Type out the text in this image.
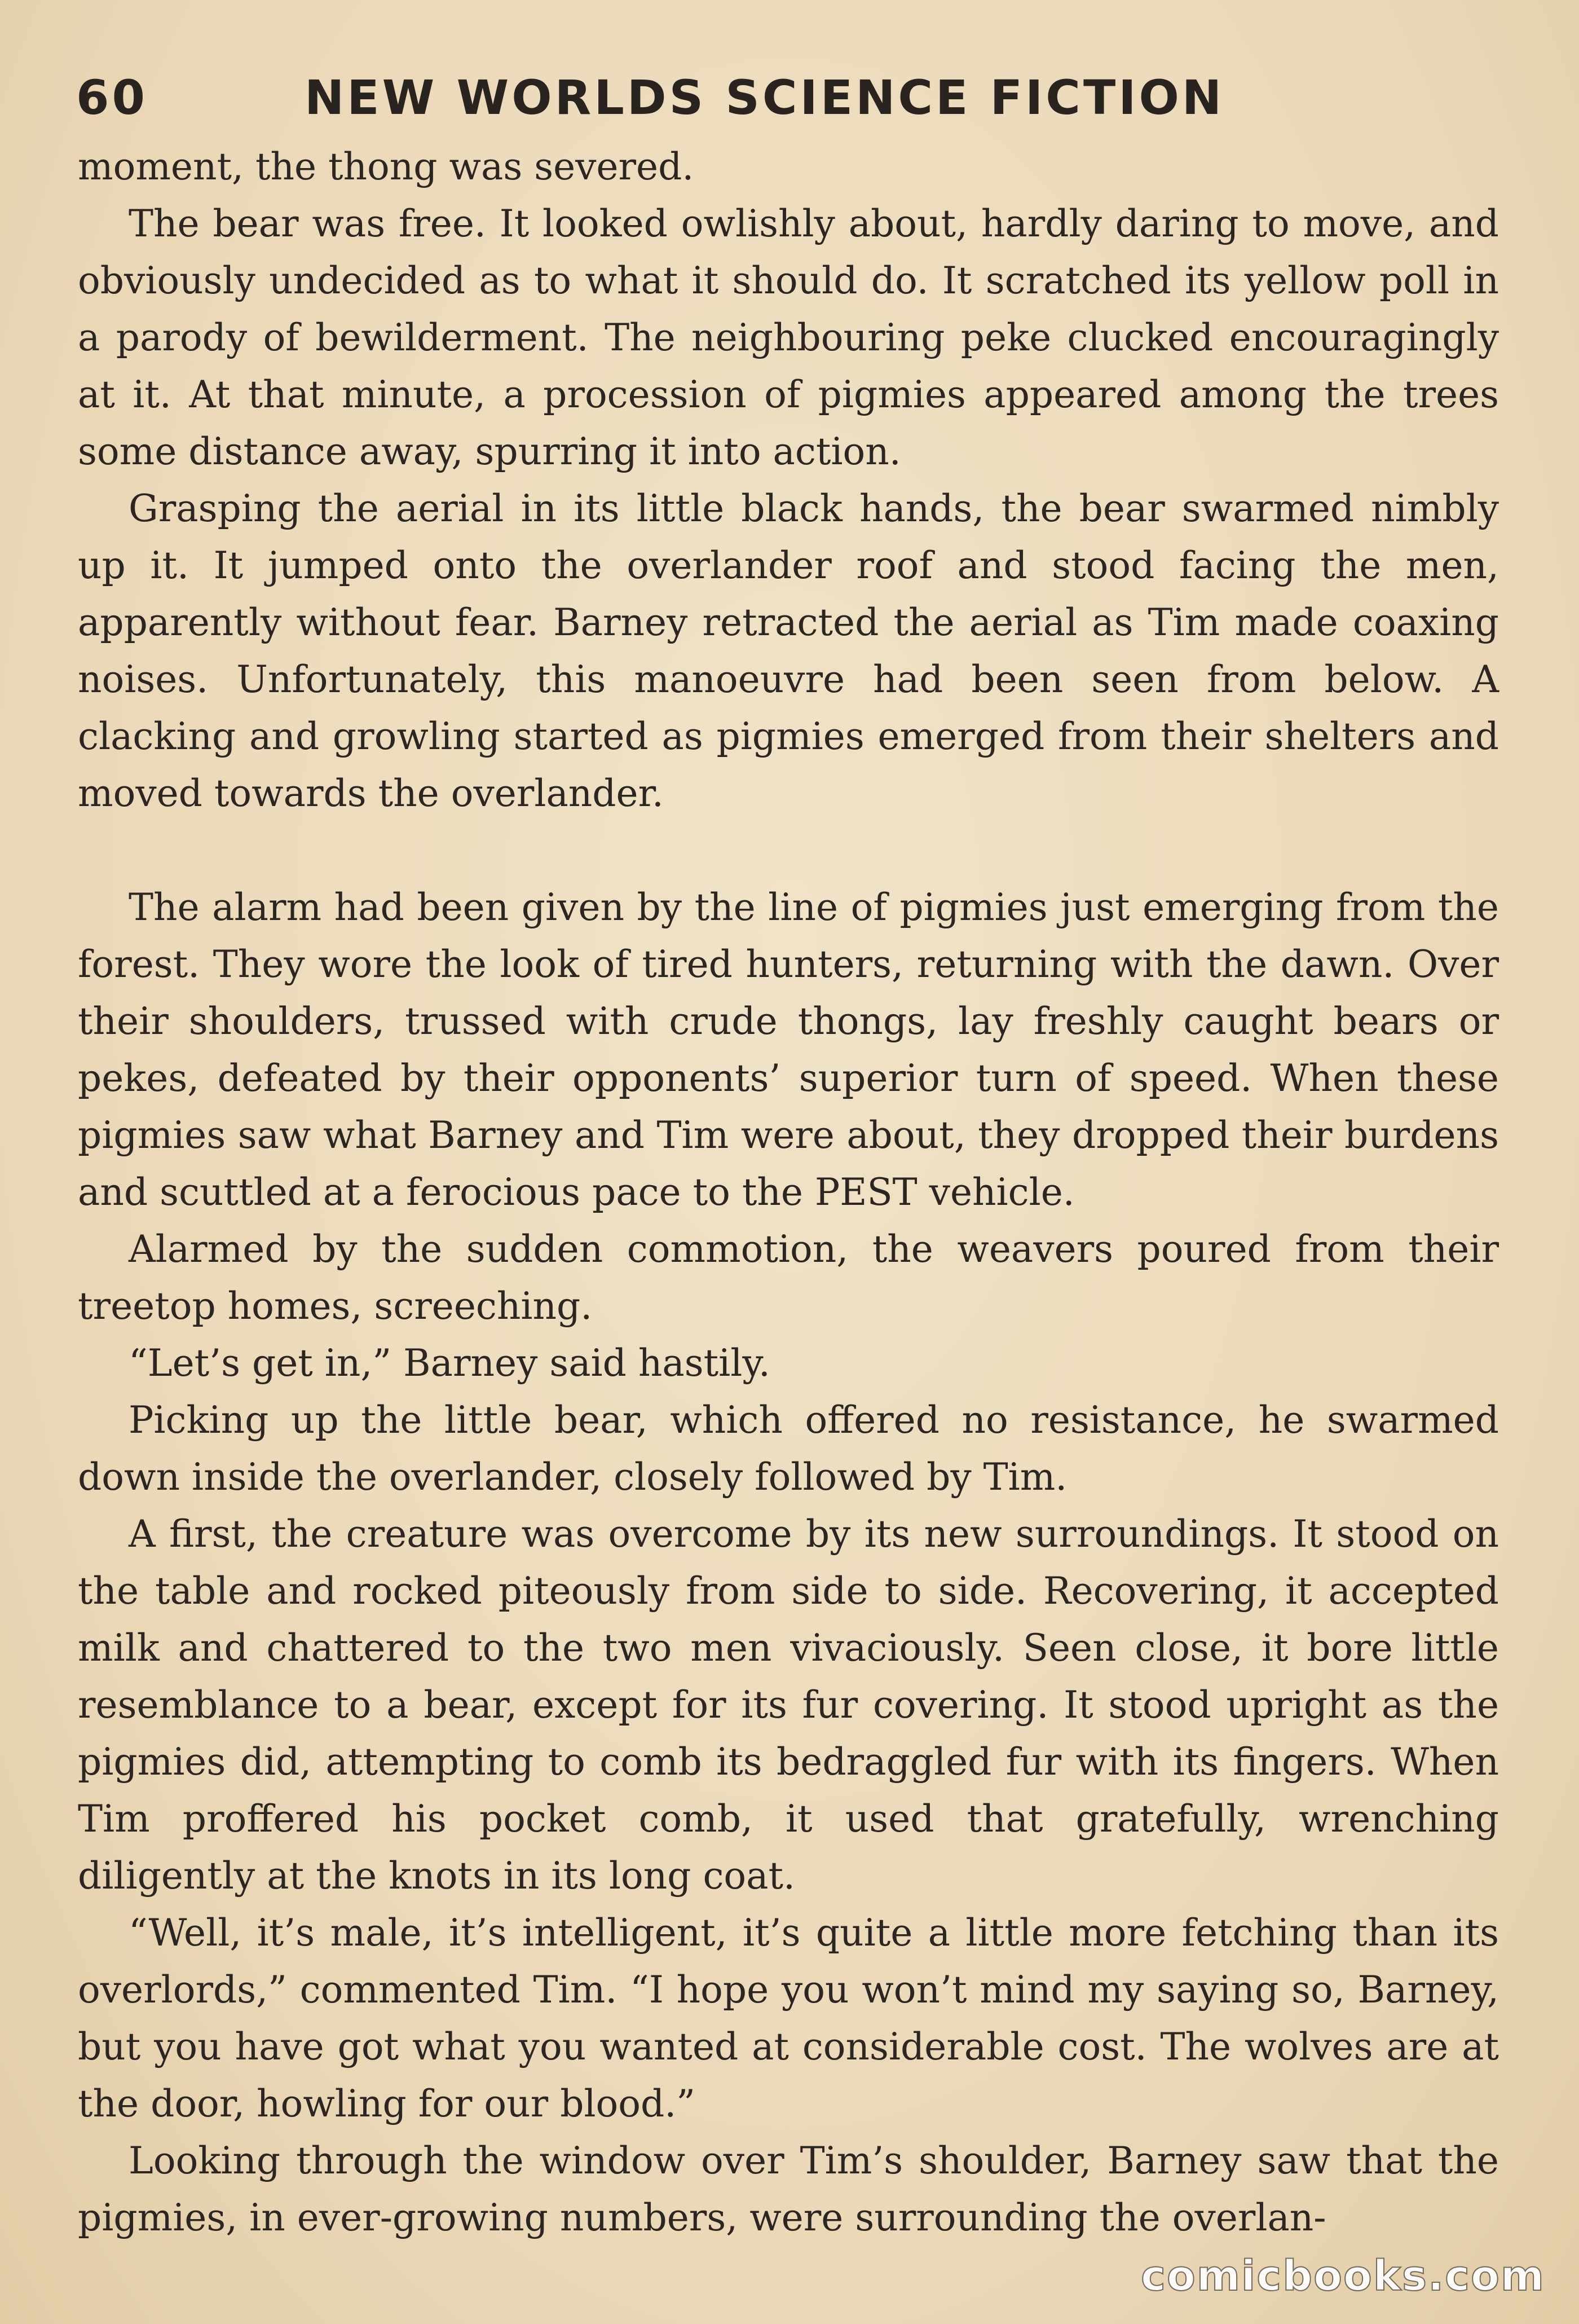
60	NEW WORLDS SCIENCE FICTION

moment, the thong was severed.

The bear was free. It looked owlishly about, hardly daring to move, and obviously undecided as to what it should do. It scratched its yellow poll in a parody of bewilderment. The neighbouring peke clucked encouragingly at it. At that minute, a procession of pigmies appeared among the trees some distance away, spurring it into action.

Grasping the aerial in its little black hands, the bear swarmed nimbly up it. It jumped onto the overlander roof and stood facing the men, apparently without fear. Barney retracted the aerial as Tim made coaxing noises. Unfortunately, this manoeuvre had been seen from below. A clacking and growling started as pigmies emerged from their shelters and moved towards the overlander.

The alarm had been given by the line of pigmies just emerging from the forest. They wore the look of tired hunters, returning with the dawn. Over their shoulders, trussed with crude thongs, lay freshly caught bears or pekes, defeated by their opponents’ superior turn of speed. When these pigmies saw what Barney and Tim were about, they dropped their burdens and scuttled at a ferocious pace to the PEST vehicle.

Alarmed by the sudden commotion, the weavers poured from their treetop homes, screeching.

“Let’s get in,” Barney said hastily.

Picking up the little bear, which offered no resistance, he swarmed down inside the overlander, closely followed by Tim.

A first, the creature was overcome by its new surroundings. It stood on the table and rocked piteously from side to side. Recovering, it accepted milk and chattered to the two men vivaciously. Seen close, it bore little resemblance to a bear, except for its fur covering. It stood upright as the pigmies did, attempting to comb its bedraggled fur with its fingers. When Tim proffered his pocket comb, it used that gratefully, wrenching diligently at the knots in its long coat.

“Well, it’s male, it’s intelligent, it’s quite a little more fetching than its overlords,” commented Tim. “I hope you won’t mind my saying so, Barney, but you have got what you wanted at considerable cost. The wolves are at the door, howling for our blood.”

Looking through the window over Tim’s shoulder, Barney saw that the pigmies, in ever-growing numbers, were surrounding the overlan-

comicbooks.com
